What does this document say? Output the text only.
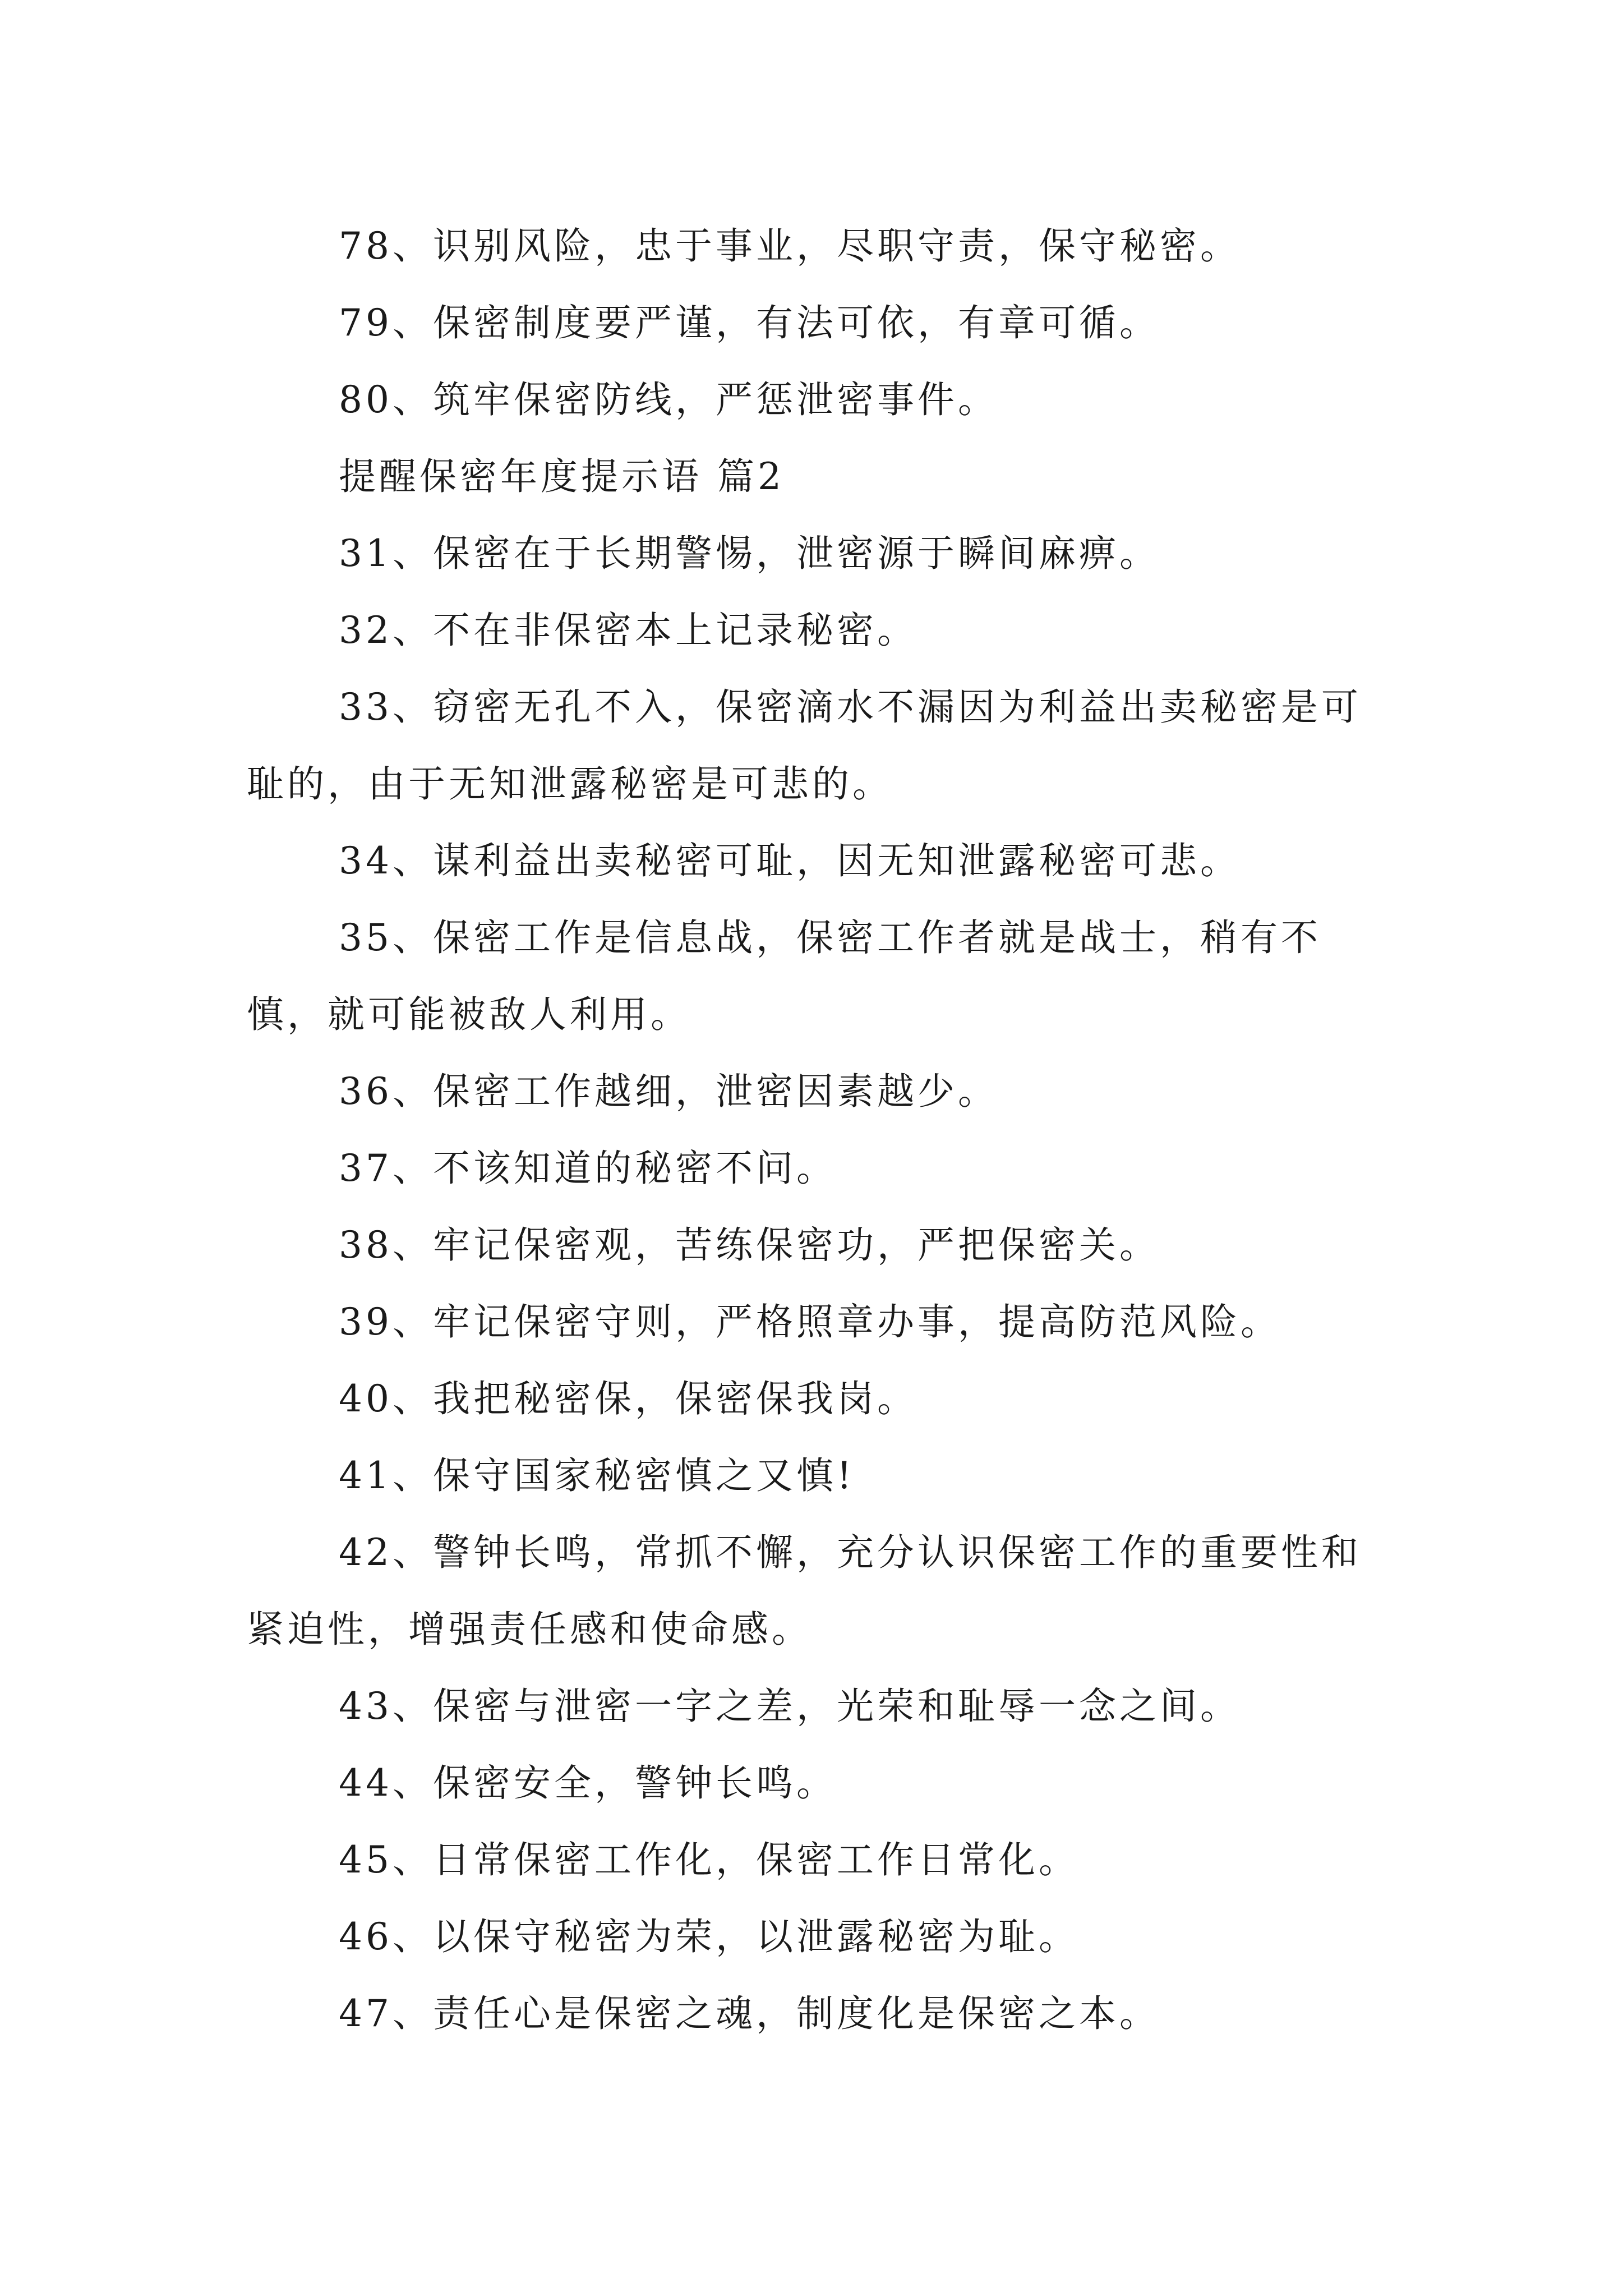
78、识别风险，忠于事业，尽职守责，保守秘密。

79、保密制度要严谨，有法可依，有章可循。

80、筑牢保密防线，严惩泄密事件。

提醒保密年度提示语 篇2

31、保密在于长期警惕，泄密源于瞬间麻痹。

32、不在非保密本上记录秘密。

33、窃密无孔不入，保密滴水不漏因为利益出卖秘密是可耻的，由于无知泄露秘密是可悲的。

34、谋利益出卖秘密可耻，因无知泄露秘密可悲。

35、保密工作是信息战，保密工作者就是战士，稍有不慎，就可能被敌人利用。

36、保密工作越细，泄密因素越少。

37、不该知道的秘密不问。

38、牢记保密观，苦练保密功，严把保密关。

39、牢记保密守则，严格照章办事，提高防范风险。

40、我把秘密保，保密保我岗。

41、保守国家秘密慎之又慎!

42、警钟长鸣，常抓不懈，充分认识保密工作的重要性和紧迫性，增强责任感和使命感。

43、保密与泄密一字之差，光荣和耻辱一念之间。

44、保密安全，警钟长鸣。

45、日常保密工作化，保密工作日常化。

46、以保守秘密为荣，以泄露秘密为耻。

47、责任心是保密之魂，制度化是保密之本。
